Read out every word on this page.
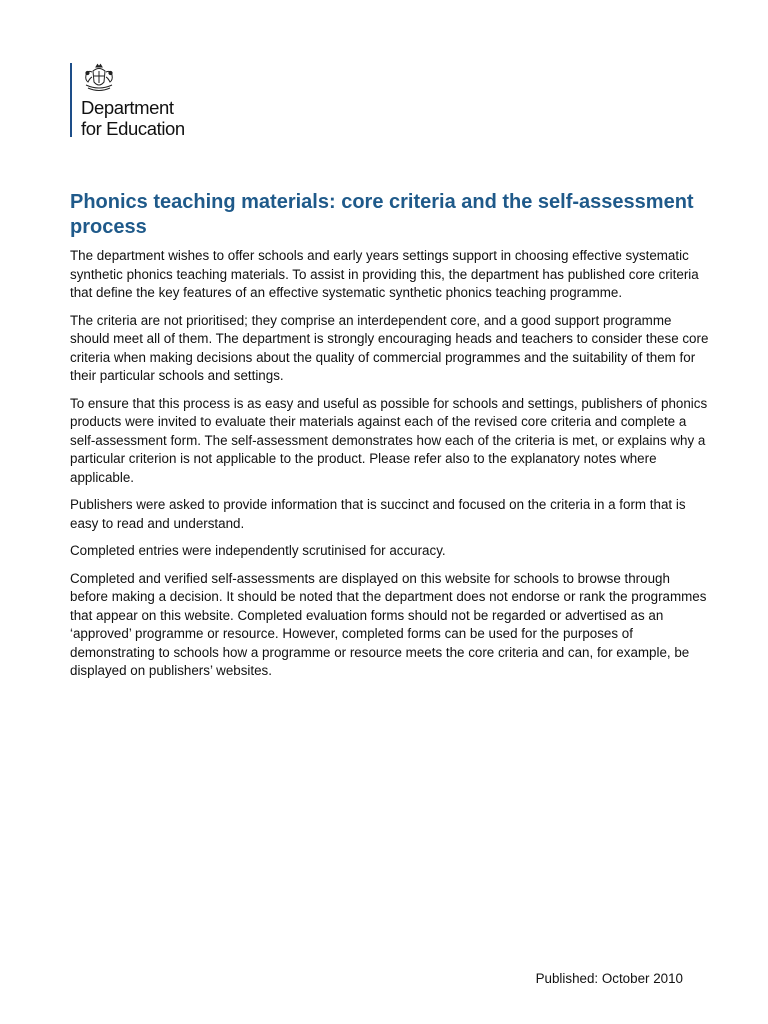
Department
for Education
Phonics teaching materials: core criteria and the self-assessment process

The department wishes to offer schools and early years settings support in choosing effective systematic synthetic phonics teaching materials. To assist in providing this, the department has published core criteria that define the key features of an effective systematic synthetic phonics teaching programme.

The criteria are not prioritised; they comprise an interdependent core, and a good support programme should meet all of them. The department is strongly encouraging heads and teachers to consider these core criteria when making decisions about the quality of commercial programmes and the suitability of them for their particular schools and settings.

To ensure that this process is as easy and useful as possible for schools and settings, publishers of phonics products were invited to evaluate their materials against each of the revised core criteria and complete a self-assessment form. The self-assessment demonstrates how each of the criteria is met, or explains why a particular criterion is not applicable to the product. Please refer also to the explanatory notes where applicable.

Publishers were asked to provide information that is succinct and focused on the criteria in a form that is easy to read and understand.

Completed entries were independently scrutinised for accuracy.

Completed and verified self-assessments are displayed on this website for schools to browse through before making a decision. It should be noted that the department does not endorse or rank the programmes that appear on this website. Completed evaluation forms should not be regarded or advertised as an ‘approved’ programme or resource. However, completed forms can be used for the purposes of demonstrating to schools how a programme or resource meets the core criteria and can, for example, be displayed on publishers’ websites.

Published: October 2010
